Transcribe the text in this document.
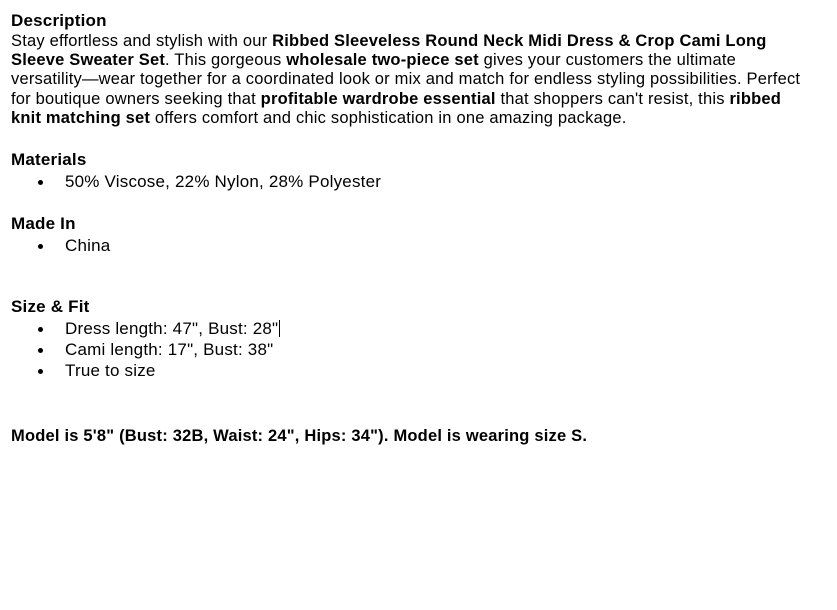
Description

Stay effortless and stylish with our Ribbed Sleeveless Round Neck Midi Dress & Crop Cami Long Sleeve Sweater Set. This gorgeous wholesale two-piece set gives your customers the ultimate versatility—wear together for a coordinated look or mix and match for endless styling possibilities. Perfect for boutique owners seeking that profitable wardrobe essential that shoppers can't resist, this ribbed knit matching set offers comfort and chic sophistication in one amazing package.

Materials
50% Viscose, 22% Nylon, 28% Polyester
Made In
China
Size & Fit
Dress length: 47", Bust: 28"
Cami length: 17", Bust: 38"
True to size

Model is 5'8" (Bust: 32B, Waist: 24", Hips: 34"). Model is wearing size S.
